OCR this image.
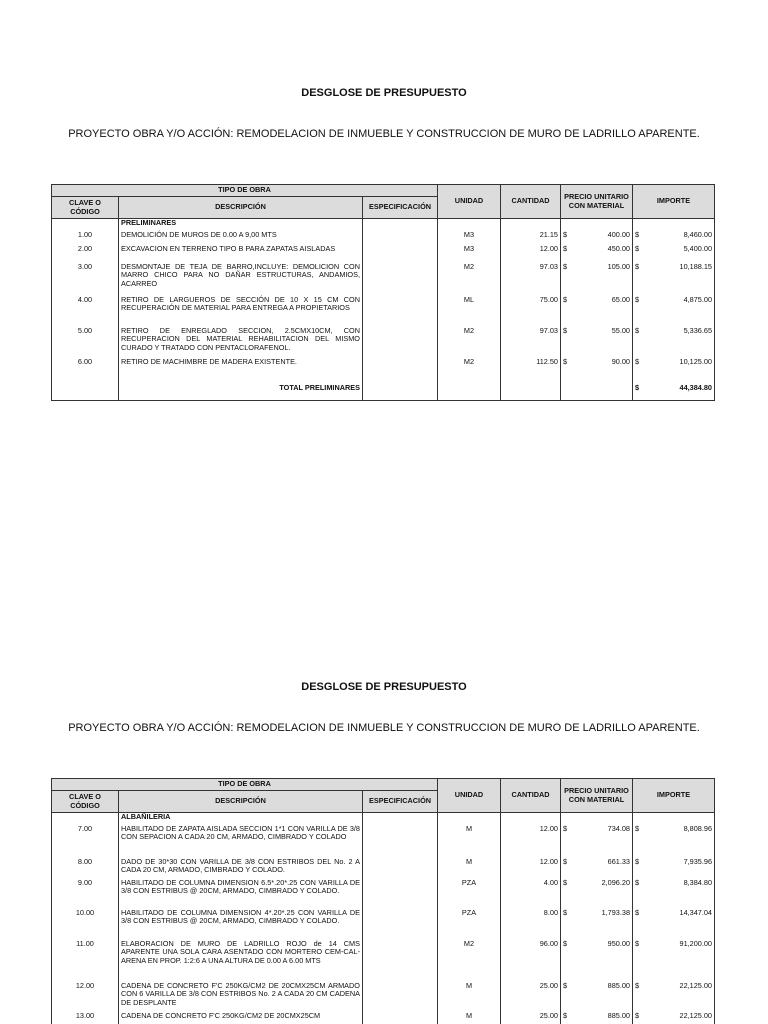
DESGLOSE DE PRESUPUESTO
PROYECTO OBRA Y/O ACCIÓN: REMODELACION DE INMUEBLE Y CONSTRUCCION DE MURO DE LADRILLO APARENTE.
TIPO DE OBRA			UNIDAD	CANTIDAD	PRECIO UNITARIO CON MATERIAL	IMPORTE
CLAVE O CÓDIGO	DESCRIPCIÓN	ESPECIFICACIÓN				
	PRELIMINARES					
1.00	DEMOLICIÓN DE MUROS DE 0.00 A 9,00 MTS		M3	21.15	$ 400.00	$ 8,460.00
2.00	EXCAVACION EN TERRENO TIPO B PARA ZAPATAS AISLADAS		M3	12.00	$ 450.00	$ 5,400.00
3.00	DESMONTAJE DE TEJA DE BARRO,INCLUYE: DEMOLICION CON MARRO CHICO PARA NO DAÑAR ESTRUCTURAS, ANDAMIOS, ACARREO		M2	97.03	$ 105.00	$ 10,188.15
4.00	RETIRO DE LARGUEROS DE SECCIÓN DE 10 X 15 CM CON RECUPERACIÓN DE MATERIAL PARA ENTREGA A PROPIETARIOS		ML	75.00	$ 65.00	$ 4,875.00
5.00	RETIRO DE ENREGLADO SECCION, 2.5CMX10CM, CON RECUPERACION DEL MATERIAL REHABILITACION DEL MISMO CURADO Y TRATADO CON PENTACLORAFENOL.		M2	97.03	$ 55.00	$ 5,336.65
6.00	RETIRO DE MACHIMBRE DE MADERA EXISTENTE.		M2	112.50	$ 90.00	$ 10,125.00
	TOTAL PRELIMINARES					$ 44,384.80
DESGLOSE DE PRESUPUESTO
PROYECTO OBRA Y/O ACCIÓN: REMODELACION DE INMUEBLE Y CONSTRUCCION DE MURO DE LADRILLO APARENTE.
TIPO DE OBRA			UNIDAD	CANTIDAD	PRECIO UNITARIO CON MATERIAL	IMPORTE
CLAVE O CÓDIGO	DESCRIPCIÓN	ESPECIFICACIÓN				
	ALBAÑILERIA					
7.00	HABILITADO DE ZAPATA AISLADA SECCION 1*1 CON VARILLA DE 3/8 CON SEPACION A CADA 20 CM, ARMADO, CIMBRADO Y COLADO		M	12.00	$ 734.08	$ 8,808.96
8.00	DADO DE 30*30 CON VARILLA DE 3/8 CON ESTRIBOS DEL No. 2 A CADA 20 CM, ARMADO, CIMBRADO Y COLADO.		M	12.00	$ 661.33	$ 7,935.96
9.00	HABILITADO DE COLUMNA DIMENSION 6.5*.20*.25 CON VARILLA DE 3/8 CON ESTRIBUS @ 20CM, ARMADO, CIMBRADO Y COLADO.		PZA	4.00	$ 2,096.20	$ 8,384.80
10.00	HABILITADO DE COLUMNA DIMENSION 4*.20*.25 CON VARILLA DE 3/8 CON ESTRIBUS @ 20CM, ARMADO, CIMBRADO Y COLADO.		PZA	8.00	$ 1,793.38	$ 14,347.04
11.00	ELABORACION DE MURO DE LADRILLO ROJO de 14 CMS APARENTE UNA SOLA CARA ASENTADO CON MORTERO CEM-CAL-ARENA EN PROP. 1:2:6 A UNA ALTURA DE 0.00 A 6.00 MTS		M2	96.00	$ 950.00	$ 91,200.00
12.00	CADENA DE CONCRETO F'C 250KG/CM2 DE 20CMX25CM ARMADO CON 6 VARILLA DE 3/8 CON ESTRIBOS No. 2 A CADA 20 CM CADENA DE DESPLANTE		M	25.00	$ 885.00	$ 22,125.00
13.00	CADENA DE CONCRETO F'C 250KG/CM2 DE 20CMX25CM		M	25.00	$ 885.00	$ 22,125.00
